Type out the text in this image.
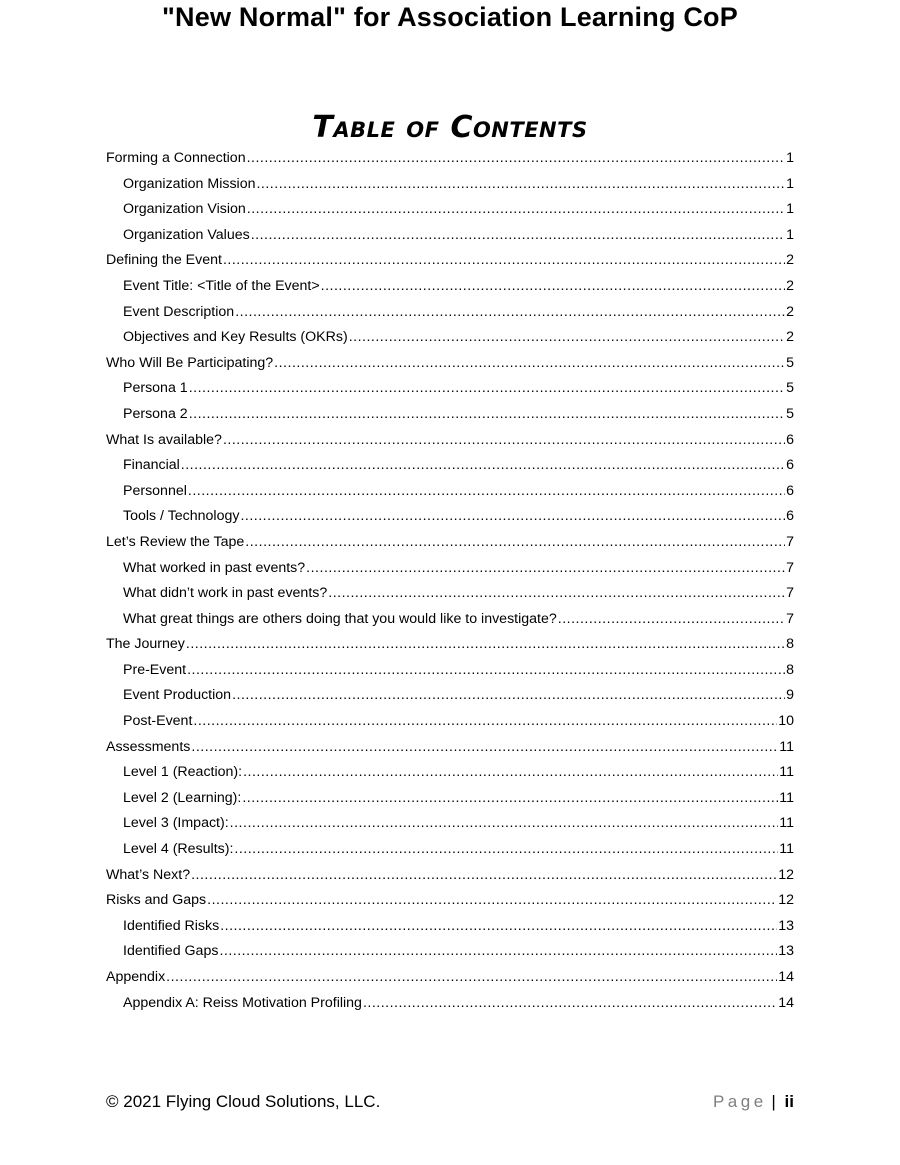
"New Normal" for Association Learning CoP
Table of Contents
Forming a Connection .....	1
Organization Mission .....	1
Organization Vision .....	1
Organization Values .....	1
Defining the Event .....	2
Event Title: <Title of the Event> .....	2
Event Description .....	2
Objectives and Key Results (OKRs) .....	2
Who Will Be Participating? .....	5
Persona 1 .....	5
Persona 2 .....	5
What Is available? .....	6
Financial .....	6
Personnel .....	6
Tools / Technology .....	6
Let’s Review the Tape .....	7
What worked in past events? .....	7
What didn’t work in past events? .....	7
What great things are others doing that you would like to investigate? .....	7
The Journey .....	8
Pre-Event .....	8
Event Production .....	9
Post-Event .....	10
Assessments .....	11
Level 1 (Reaction): .....	11
Level 2 (Learning): .....	11
Level 3 (Impact): .....	11
Level 4 (Results): .....	11
What’s Next? .....	12
Risks and Gaps .....	12
Identified Risks .....	13
Identified Gaps .....	13
Appendix .....	14
Appendix A: Reiss Motivation Profiling .....	14
© 2021 Flying Cloud Solutions, LLC.	Page | ii
